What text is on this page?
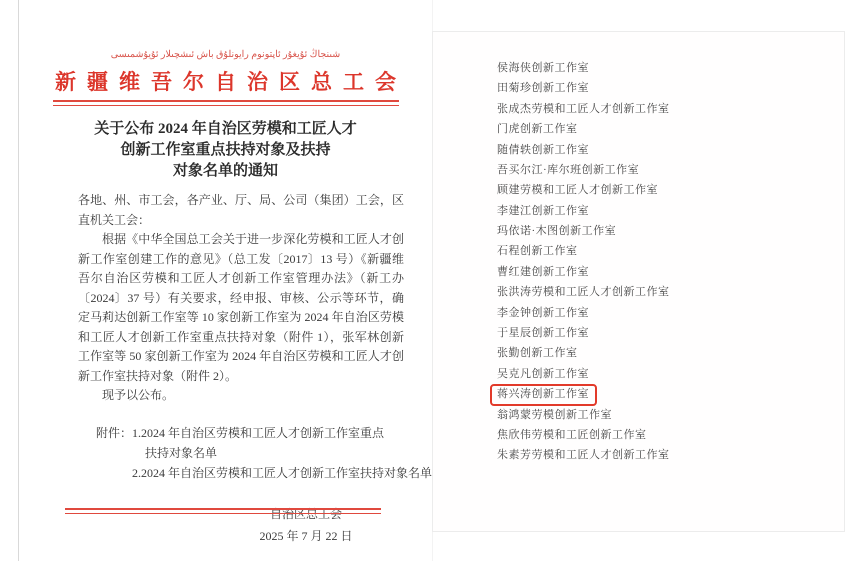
شىنجاڭ ئۇيغۇر ئاپتونوم رايونلۇق باش ئىشچىلار ئۇيۇشمىسى
新疆维吾尔自治区总工会
关于公布 2024 年自治区劳模和工匠人才
创新工作室重点扶持对象及扶持
对象名单的通知
各地、州、市工会，各产业、厅、局、公司（集团）工会，区直机关工会：
根据《中华全国总工会关于进一步深化劳模和工匠人才创新工作室创建工作的意见》（总工发〔2017〕13 号）《新疆维吾尔自治区劳模和工匠人才创新工作室管理办法》（新工办〔2024〕37 号）有关要求，经申报、审核、公示等环节，确定马莉达创新工作室等 10 家创新工作室为 2024 年自治区劳模和工匠人才创新工作室重点扶持对象（附件 1），张军林创新工作室等 50 家创新工作室为 2024 年自治区劳模和工匠人才创新工作室扶持对象（附件 2）。
现予以公布。
附件： 1.2024 年自治区劳模和工匠人才创新工作室重点扶持对象名单
2.2024 年自治区劳模和工匠人才创新工作室扶持对象名单
自治区总工会
2025 年 7 月 22 日
侯海侠创新工作室
田菊珍创新工作室
张成杰劳模和工匠人才创新工作室
门虎创新工作室
随倩轶创新工作室
吾买尔江·库尔班创新工作室
顾建劳模和工匠人才创新工作室
李建江创新工作室
玛依诺·木图创新工作室
石程创新工作室
曹红建创新工作室
张洪涛劳模和工匠人才创新工作室
李金钟创新工作室
于星辰创新工作室
张勤创新工作室
吴克凡创新工作室
蒋兴涛创新工作室
翁鸿蒙劳模创新工作室
焦欣伟劳模和工匠创新工作室
朱素芳劳模和工匠人才创新工作室
